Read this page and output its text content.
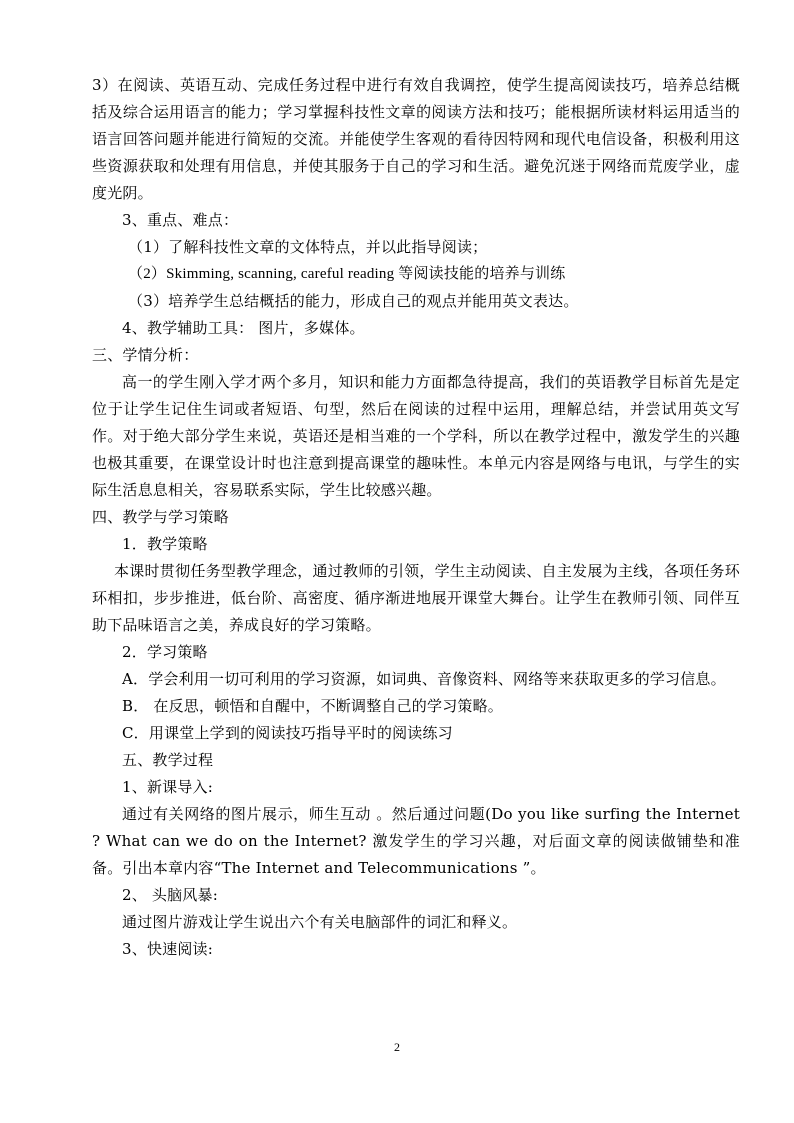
3）在阅读、英语互动、完成任务过程中进行有效自我调控，使学生提高阅读技巧，培养总结概括及综合运用语言的能力；学习掌握科技性文章的阅读方法和技巧；能根据所读材料运用适当的语言回答问题并能进行简短的交流。并能使学生客观的看待因特网和现代电信设备，积极利用这些资源获取和处理有用信息，并使其服务于自己的学习和生活。避免沉迷于网络而荒废学业，虚度光阴。

3、重点、难点：

（1）了解科技性文章的文体特点，并以此指导阅读；

（2）Skimming, scanning, careful reading 等阅读技能的培养与训练

（3）培养学生总结概括的能力，形成自己的观点并能用英文表达。

4、教学辅助工具： 图片，多媒体。

三、学情分析：

高一的学生刚入学才两个多月，知识和能力方面都急待提高，我们的英语教学目标首先是定位于让学生记住生词或者短语、句型，然后在阅读的过程中运用，理解总结，并尝试用英文写作。对于绝大部分学生来说，英语还是相当难的一个学科，所以在教学过程中，激发学生的兴趣也极其重要，在课堂设计时也注意到提高课堂的趣味性。本单元内容是网络与电讯，与学生的实际生活息息相关，容易联系实际，学生比较感兴趣。

四、教学与学习策略

1．教学策略

本课时贯彻任务型教学理念，通过教师的引领，学生主动阅读、自主发展为主线，各项任务环环相扣，步步推进，低台阶、高密度、循序渐进地展开课堂大舞台。让学生在教师引领、同伴互助下品味语言之美，养成良好的学习策略。

2．学习策略

A．学会利用一切可利用的学习资源，如词典、音像资料、网络等来获取更多的学习信息。

B． 在反思，顿悟和自醒中，不断调整自己的学习策略。

C．用课堂上学到的阅读技巧指导平时的阅读练习

五、教学过程

1、新课导入:

通过有关网络的图片展示，师生互动 。然后通过问题(Do you like surfing the Internet ? What can we do on the Internet? 激发学生的学习兴趣，对后面文章的阅读做铺垫和准备。引出本章内容“The Internet and Telecommunications ”。

2、 头脑风暴:

通过图片游戏让学生说出六个有关电脑部件的词汇和释义。

3、快速阅读:

2
